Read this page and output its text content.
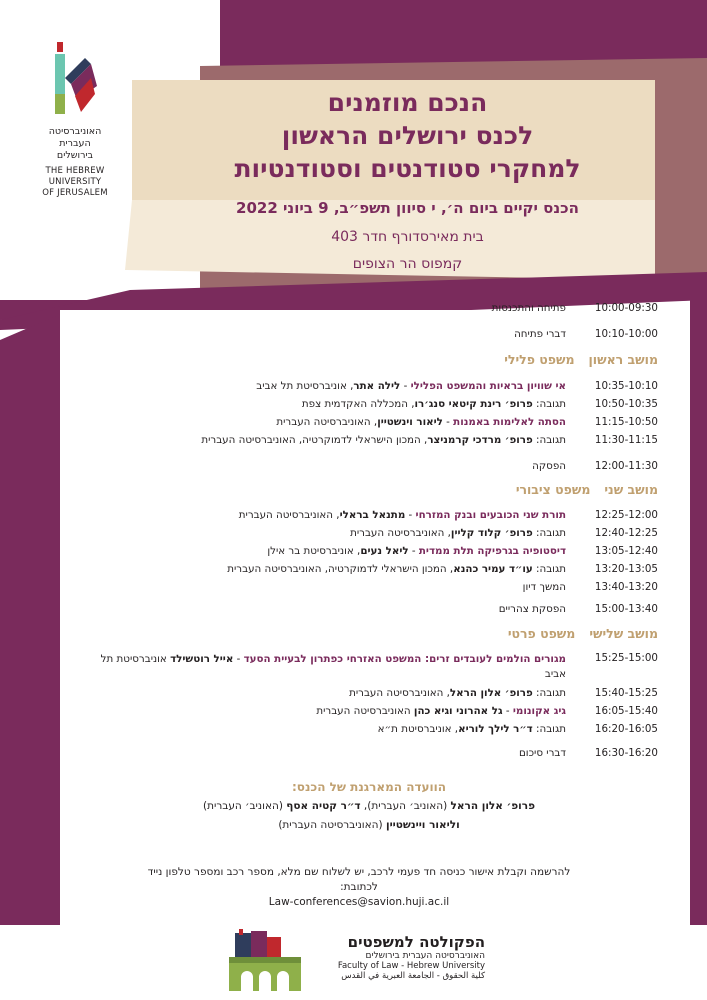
האוניברסיטה
העברית
בירושלים
THE HEBREW
UNIVERSITY
OF JERUSALEM
הנכם מוזמנים
לכנס ירושלים הראשון
למחקרי סטודנטים וסטודנטיות
הכנס יקיים ביום ה׳, י סיוון תשפ״ב, 9 ביוני 2022
בית מאירסדורף חדר 403
קמפוס הר הצופים
10:00-09:30
פתיחה והתכנסות
10:10-10:00
דברי פתיחה
מושב ראשוןמשפט פלילי
10:35-10:10
אי שוויון בראיות והמשפט הפלילי - לילה אתר, אוניברסיטת תל אביב
10:50-10:35
תגובה: פרופ׳ רינת קיטאי סנג׳רו, המכללה האקדמית צפת
11:15-10:50
הסתה לאלימות באמנות - ליאור וינשטיין, האוניברסיטה העברית
11:30-11:15
תגובה: פרופ׳ מרדכי קרמניצר, המכון הישראלי לדמוקרטיה, האוניברסיטה העברית
12:00-11:30
הפסקה
מושב שנימשפט ציבורי
12:25-12:00
תורת שני הכובעים ובנק המזרחי - מתנאל בראלי, האוניברסיטה העברית
12:40-12:25
תגובה: פרופ׳ קלוד קליין, האוניברסיטה העברית
13:05-12:40
דיסטופיה בגרפיקה תלת ממדית - ליאל נעים, אוניברסיטת בר אילן
13:20-13:05
תגובה: עו״ד עמיר כהנא, המכון הישראלי לדמוקרטיה, האוניברסיטה העברית
13:40-13:20
המשך דיון
15:00-13:40
הפסקת צהריים
מושב שלישימשפט פרטי
15:25-15:00
מגורים הולמים לעובדים זרים: המשפט האזרחי כפתרון לבעיית הסעד - אייל רוטשילד אוניברסיטת תל אביב
15:40-15:25
תגובה: פרופ׳ אלון הראל, האוניברסיטה העברית
16:05-15:40
גיג אקונומי - גל אהרוני וגיא כהן האוניברסיטה העברית
16:20-16:05
תגובה: ד״ר לילך לוריא, אוניברסיטת ת״א
16:30-16:20
דברי סיכום
הוועדה המארגנת של הכנס:
פרופ׳ אלון הראל (האוניב׳ העברית), ד״ר קטיה אסף (האוניב׳ העברית)
וליאור ויינשטיין (האוניברסיטה העברית)
להרשמה וקבלת אישור כניסה חד פעמי לרכב, יש לשלוח שם מלא, מספר רכב ומספר טלפון נייד
לכתובת:
Law-conferences@savion.huji.ac.il
הפקולטה למשפטים
האוניברסיטה העברית בירושלים
Faculty of Law - Hebrew University
كلية الحقوق - الجامعة العبرية في القدس
